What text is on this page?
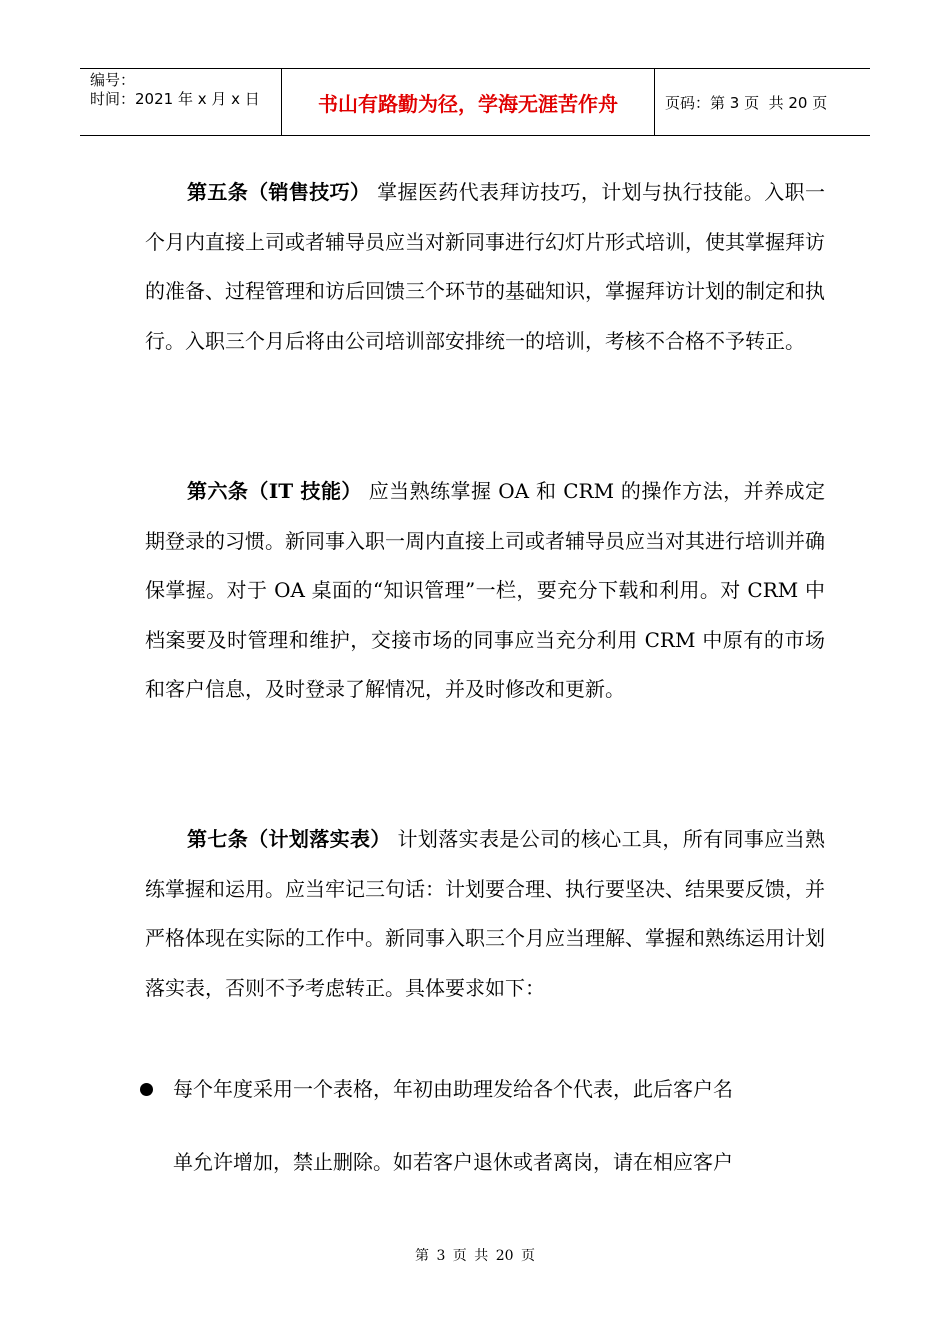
编号：
时间：2021 年 x 月 x 日	书山有路勤为径，学海无涯苦作舟	页码：第 3 页  共 20 页

第五条（销售技巧） 掌握医药代表拜访技巧，计划与执行技能。入职一个月内直接上司或者辅导员应当对新同事进行幻灯片形式培训，使其掌握拜访的准备、过程管理和访后回馈三个环节的基础知识，掌握拜访计划的制定和执行。入职三个月后将由公司培训部安排统一的培训，考核不合格不予转正。

第六条（IT 技能） 应当熟练掌握 OA 和 CRM 的操作方法，并养成定期登录的习惯。新同事入职一周内直接上司或者辅导员应当对其进行培训并确保掌握。对于 OA 桌面的“知识管理”一栏，要充分下载和利用。对 CRM 中档案要及时管理和维护，交接市场的同事应当充分利用 CRM 中原有的市场和客户信息，及时登录了解情况，并及时修改和更新。

第七条（计划落实表） 计划落实表是公司的核心工具，所有同事应当熟练掌握和运用。应当牢记三句话：计划要合理、执行要坚决、结果要反馈，并严格体现在实际的工作中。新同事入职三个月应当理解、掌握和熟练运用计划落实表，否则不予考虑转正。具体要求如下：

每个年度采用一个表格，年初由助理发给各个代表，此后客户名
单允许增加，禁止删除。如若客户退休或者离岗，请在相应客户
第 3 页 共 20 页
